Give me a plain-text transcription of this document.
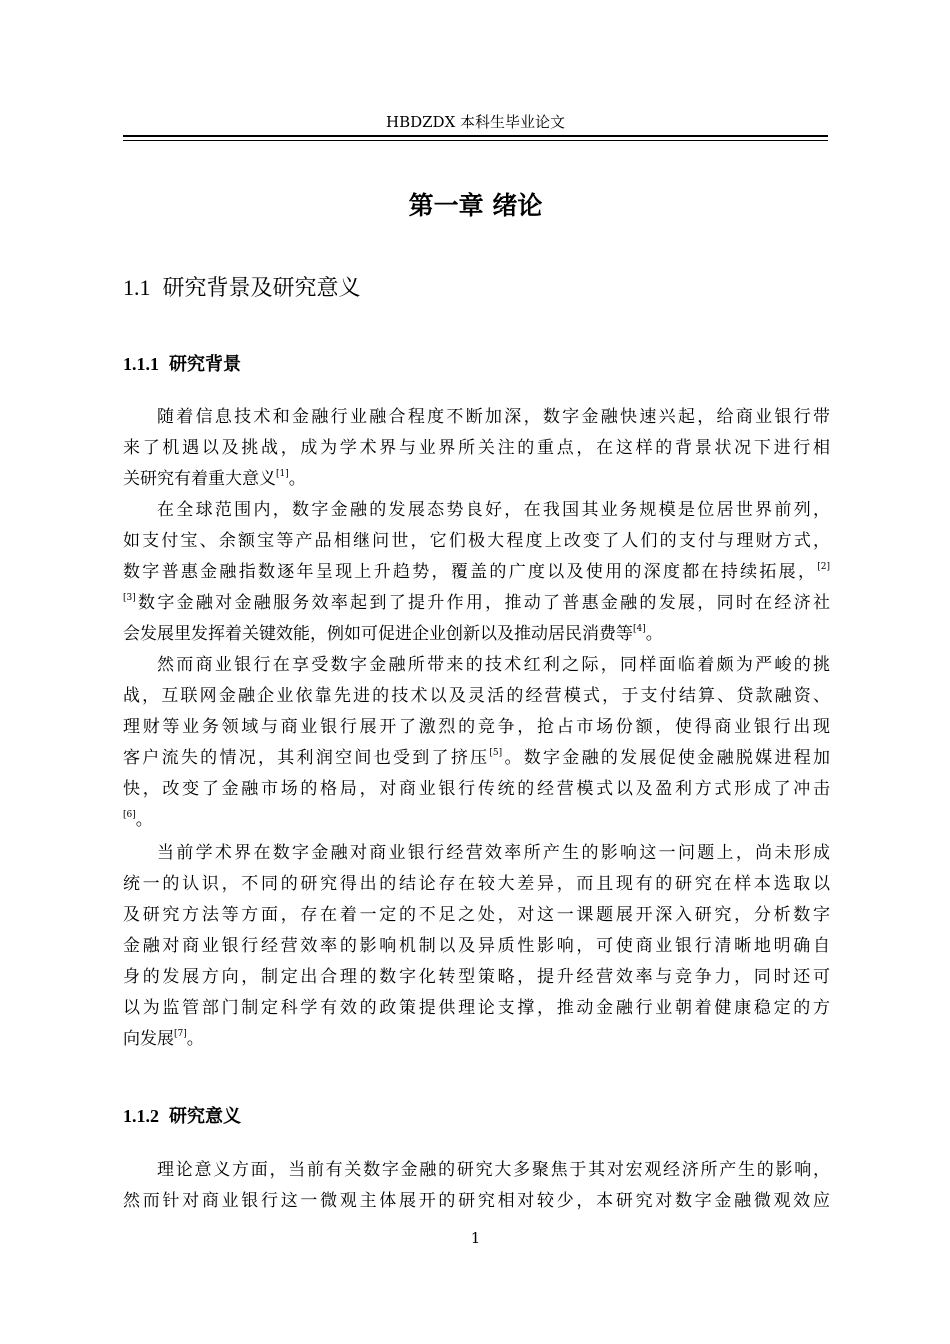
HBDZDX 本科生毕业论文
第一章 绪论
1.1 研究背景及研究意义
1.1.1 研究背景
随着信息技术和金融行业融合程度不断加深，数字金融快速兴起，给商业银行带
来了机遇以及挑战，成为学术界与业界所关注的重点，在这样的背景状况下进行相
关研究有着重大意义[1]。
在全球范围内，数字金融的发展态势良好，在我国其业务规模是位居世界前列，
如支付宝、余额宝等产品相继问世，它们极大程度上改变了人们的支付与理财方式，
数字普惠金融指数逐年呈现上升趋势，覆盖的广度以及使用的深度都在持续拓展，[2]
[3]数字金融对金融服务效率起到了提升作用，推动了普惠金融的发展，同时在经济社
会发展里发挥着关键效能，例如可促进企业创新以及推动居民消费等[4]。
然而商业银行在享受数字金融所带来的技术红利之际，同样面临着颇为严峻的挑
战，互联网金融企业依靠先进的技术以及灵活的经营模式，于支付结算、贷款融资、
理财等业务领域与商业银行展开了激烈的竞争，抢占市场份额，使得商业银行出现
客户流失的情况，其利润空间也受到了挤压[5]。数字金融的发展促使金融脱媒进程加
快，改变了金融市场的格局，对商业银行传统的经营模式以及盈利方式形成了冲击
[6]。
当前学术界在数字金融对商业银行经营效率所产生的影响这一问题上，尚未形成
统一的认识，不同的研究得出的结论存在较大差异，而且现有的研究在样本选取以
及研究方法等方面，存在着一定的不足之处，对这一课题展开深入研究，分析数字
金融对商业银行经营效率的影响机制以及异质性影响，可使商业银行清晰地明确自
身的发展方向，制定出合理的数字化转型策略，提升经营效率与竞争力，同时还可
以为监管部门制定科学有效的政策提供理论支撑，推动金融行业朝着健康稳定的方
向发展[7]。
1.1.2 研究意义
理论意义方面，当前有关数字金融的研究大多聚焦于其对宏观经济所产生的影响，
然而针对商业银行这一微观主体展开的研究相对较少，本研究对数字金融微观效应
1
